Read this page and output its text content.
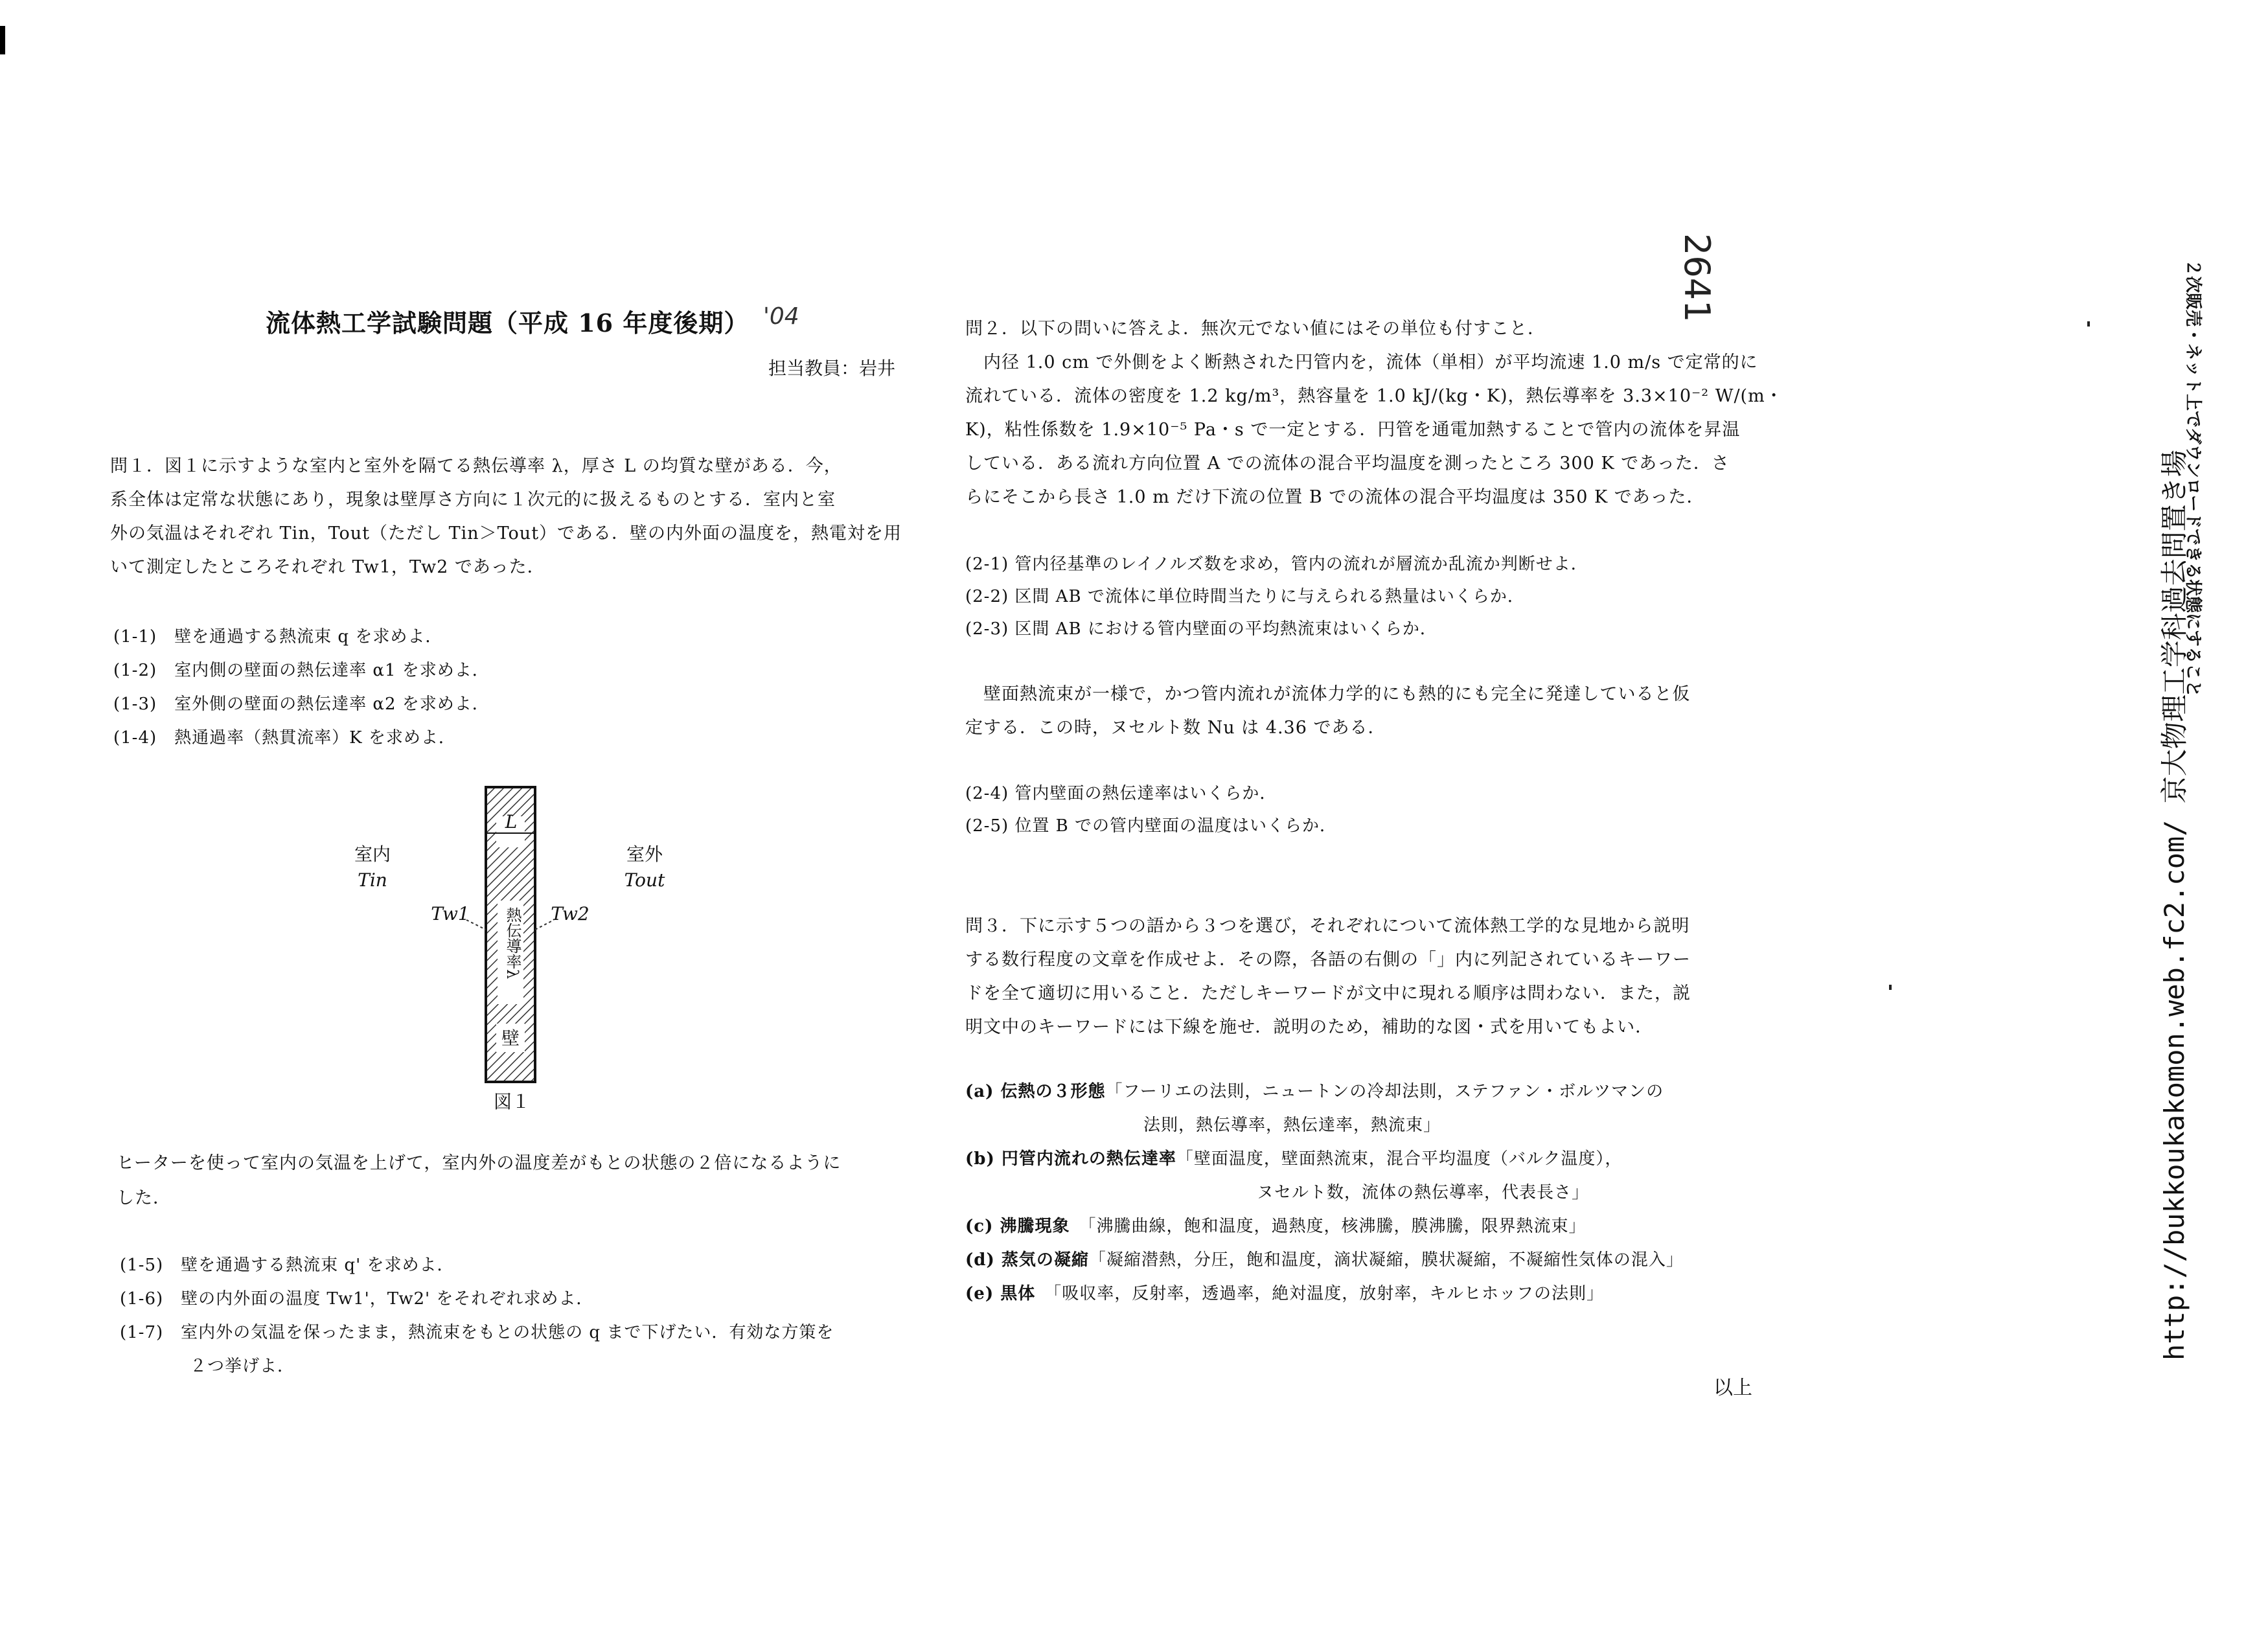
流体熱工学試験問題（平成 16 年度後期） '04
担当教員：岩井
2641
問１．図１に示すような室内と室外を隔てる熱伝導率 λ，厚さ L の均質な壁がある．今，
系全体は定常な状態にあり，現象は壁厚さ方向に１次元的に扱えるものとする．室内と室
外の気温はそれぞれ Tin，Tout（ただし Tin＞Tout）である．壁の内外面の温度を，熱電対を用
いて測定したところそれぞれ Tw1，Tw2 であった．
(1-1)　壁を通過する熱流束 q を求めよ．
(1-2)　室内側の壁面の熱伝達率 α1 を求めよ．
(1-3)　室外側の壁面の熱伝達率 α2 を求めよ．
(1-4)　熱通過率（熱貫流率）K を求めよ．
L
室内
Tin
室外
Tout
Tw1	Tw2
熱伝導率λ
壁
図１
ヒーターを使って室内の気温を上げて，室内外の温度差がもとの状態の２倍になるように
した．
(1-5)　壁を通過する熱流束 q' を求めよ．
(1-6)　壁の内外面の温度 Tw1'，Tw2' をそれぞれ求めよ．
(1-7)　室内外の気温を保ったまま，熱流束をもとの状態の q まで下げたい．有効な方策を
　　　　２つ挙げよ．
問２．以下の問いに答えよ．無次元でない値にはその単位も付すこと．
　内径 1.0 cm で外側をよく断熱された円管内を，流体（単相）が平均流速 1.0 m/s で定常的に
流れている．流体の密度を 1.2 kg/m³，熱容量を 1.0 kJ/(kg・K)，熱伝導率を 3.3×10⁻² W/(m・
K)，粘性係数を 1.9×10⁻⁵ Pa・s で一定とする．円管を通電加熱することで管内の流体を昇温
している．ある流れ方向位置 A での流体の混合平均温度を測ったところ 300 K であった．さ
らにそこから長さ 1.0 m だけ下流の位置 B での流体の混合平均温度は 350 K であった．
(2-1) 管内径基準のレイノルズ数を求め，管内の流れが層流か乱流か判断せよ．
(2-2) 区間 AB で流体に単位時間当たりに与えられる熱量はいくらか．
(2-3) 区間 AB における管内壁面の平均熱流束はいくらか．
　壁面熱流束が一様で，かつ管内流れが流体力学的にも熱的にも完全に発達していると仮
定する．この時，ヌセルト数 Nu は 4.36 である．
(2-4) 管内壁面の熱伝達率はいくらか．
(2-5) 位置 B での管内壁面の温度はいくらか．
問３．下に示す５つの語から３つを選び，それぞれについて流体熱工学的な見地から説明
する数行程度の文章を作成せよ．その際，各語の右側の「」内に列記されているキーワー
ドを全て適切に用いること．ただしキーワードが文中に現れる順序は問わない．また，説
明文中のキーワードには下線を施せ．説明のため，補助的な図・式を用いてもよい．
(a) 伝熱の３形態「フーリエの法則，ニュートンの冷却法則，ステファン・ボルツマンの
法則，熱伝導率，熱伝達率，熱流束」
(b) 円管内流れの熱伝達率「壁面温度，壁面熱流束，混合平均温度（バルク温度），
ヌセルト数，流体の熱伝導率，代表長さ」
(c) 沸騰現象　「沸騰曲線，飽和温度，過熱度，核沸騰，膜沸騰，限界熱流束」
(d) 蒸気の凝縮「凝縮潜熱，分圧，飽和温度，滴状凝縮，膜状凝縮，不凝縮性気体の混入」
(e) 黒体　「吸収率，反射率，透過率，絶対温度，放射率，キルヒホッフの法則」
以上
http://bukkoukakomon.web.fc2.com/ 京大物理工学科過去問置き場
２次販売・ネット上でダウンロードできる状態にすること
